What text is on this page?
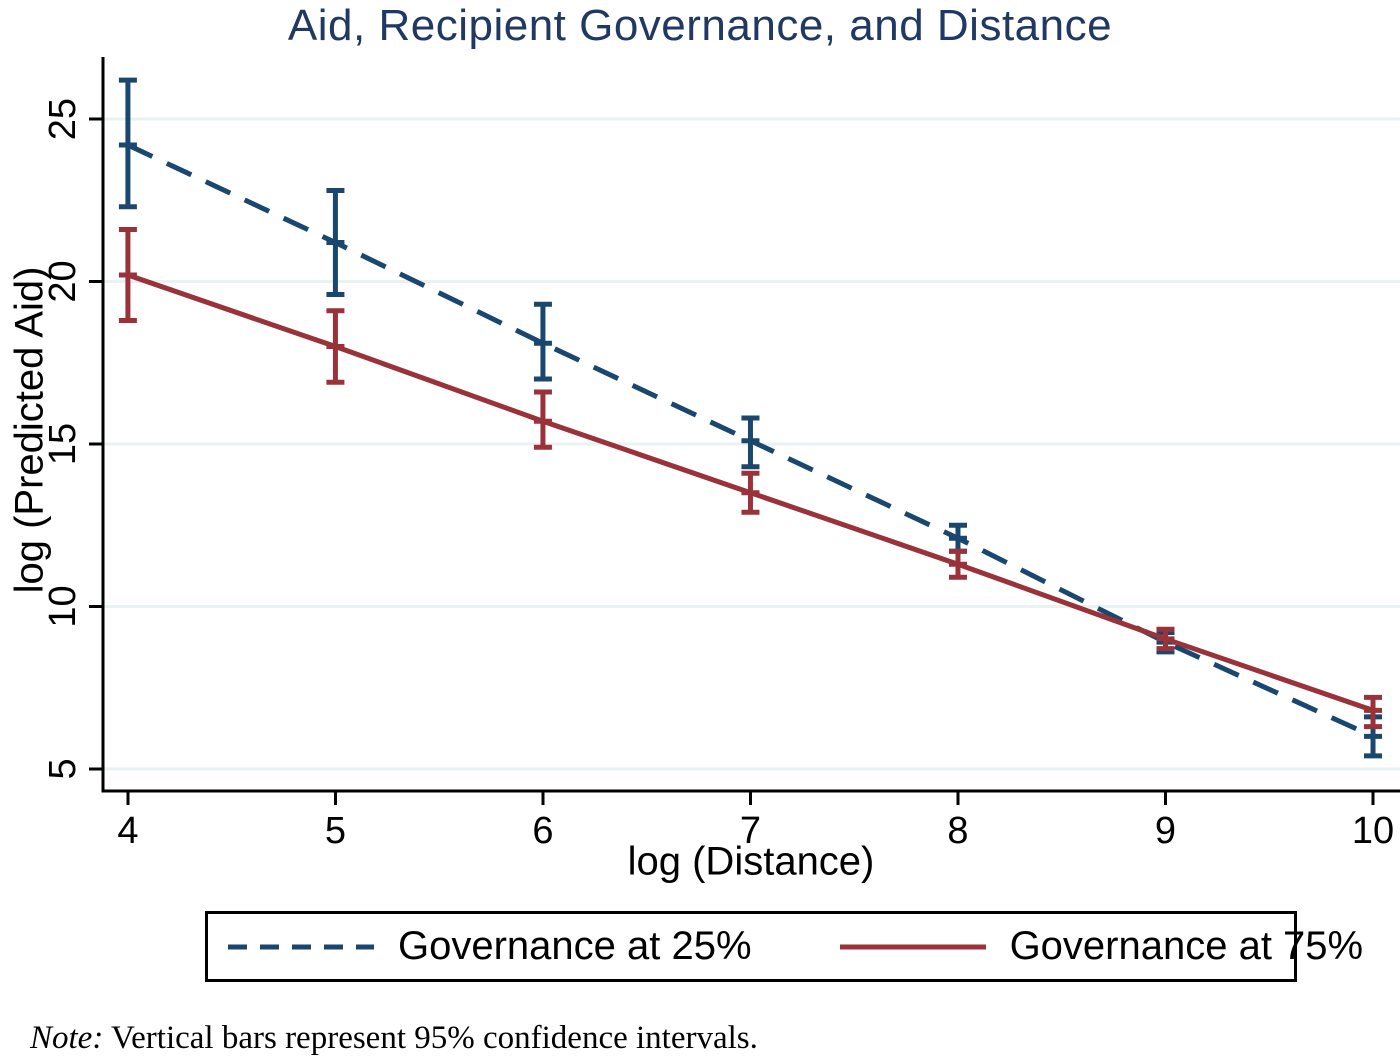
Aid, Recipient Governance, and Distance
5
10
15
20
25
4	5	6	7	8	9	10
log (Predicted Aid)
log (Distance)
Governance at 25%	Governance at 75%
Note: Vertical bars represent 95% confidence intervals.
